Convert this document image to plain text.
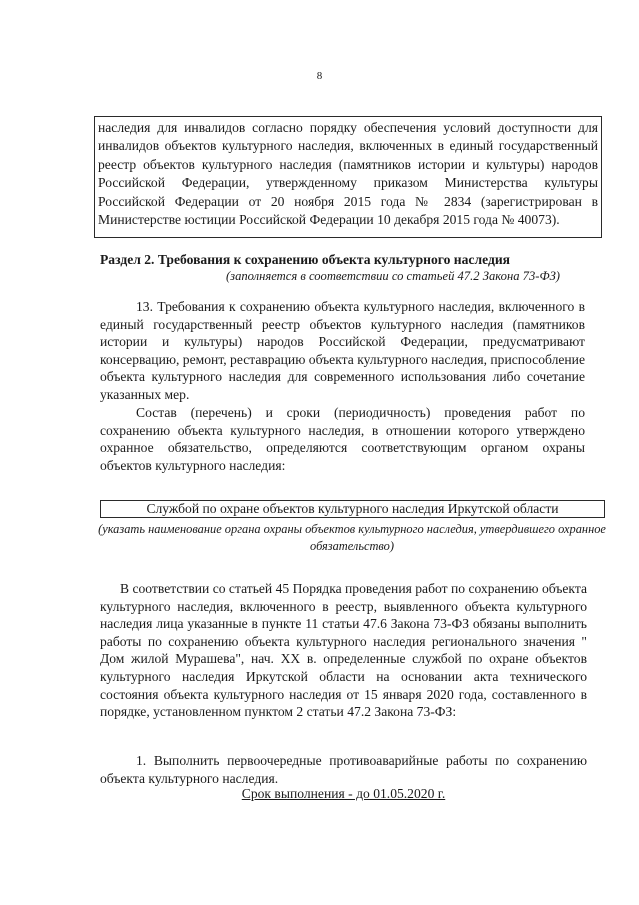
8
наследия для инвалидов согласно порядку обеспечения условий доступности для инвалидов объектов культурного наследия, включенных в единый государственный реестр объектов культурного наследия (памятников истории и культуры) народов Российской Федерации, утвержденному приказом Министерства культуры Российской Федерации от 20 ноября 2015 года № 2834 (зарегистрирован в Министерстве юстиции Российской Федерации 10 декабря 2015 года № 40073).
Раздел 2. Требования к сохранению объекта культурного наследия
(заполняется в соответствии со статьей 47.2 Закона 73-ФЗ)
13. Требования к сохранению объекта культурного наследия, включенного в единый государственный реестр объектов культурного наследия (памятников истории и культуры) народов Российской Федерации, предусматривают консервацию, ремонт, реставрацию объекта культурного наследия, приспособление объекта культурного наследия для современного использования либо сочетание указанных мер.
Состав (перечень) и сроки (периодичность) проведения работ по сохранению объекта культурного наследия, в отношении которого утверждено охранное обязательство, определяются соответствующим органом охраны объектов культурного наследия:
Службой по охране объектов культурного наследия Иркутской области
(указать наименование органа охраны объектов культурного наследия, утвердившего охранное обязательство)
В соответствии со статьей 45 Порядка проведения работ по сохранению объекта культурного наследия, включенного в реестр, выявленного объекта культурного наследия лица указанные в пункте 11 статьи 47.6 Закона 73-ФЗ обязаны выполнить работы по сохранению объекта культурного наследия регионального значения " Дом жилой Мурашева", нач. XX в. определенные службой по охране объектов культурного наследия Иркутской области на основании акта технического состояния объекта культурного наследия от 15 января 2020 года, составленного в порядке, установленном пунктом 2 статьи 47.2 Закона 73-ФЗ:
1. Выполнить первоочередные противоаварийные работы по сохранению объекта культурного наследия.
Срок выполнения - до 01.05.2020 г.
